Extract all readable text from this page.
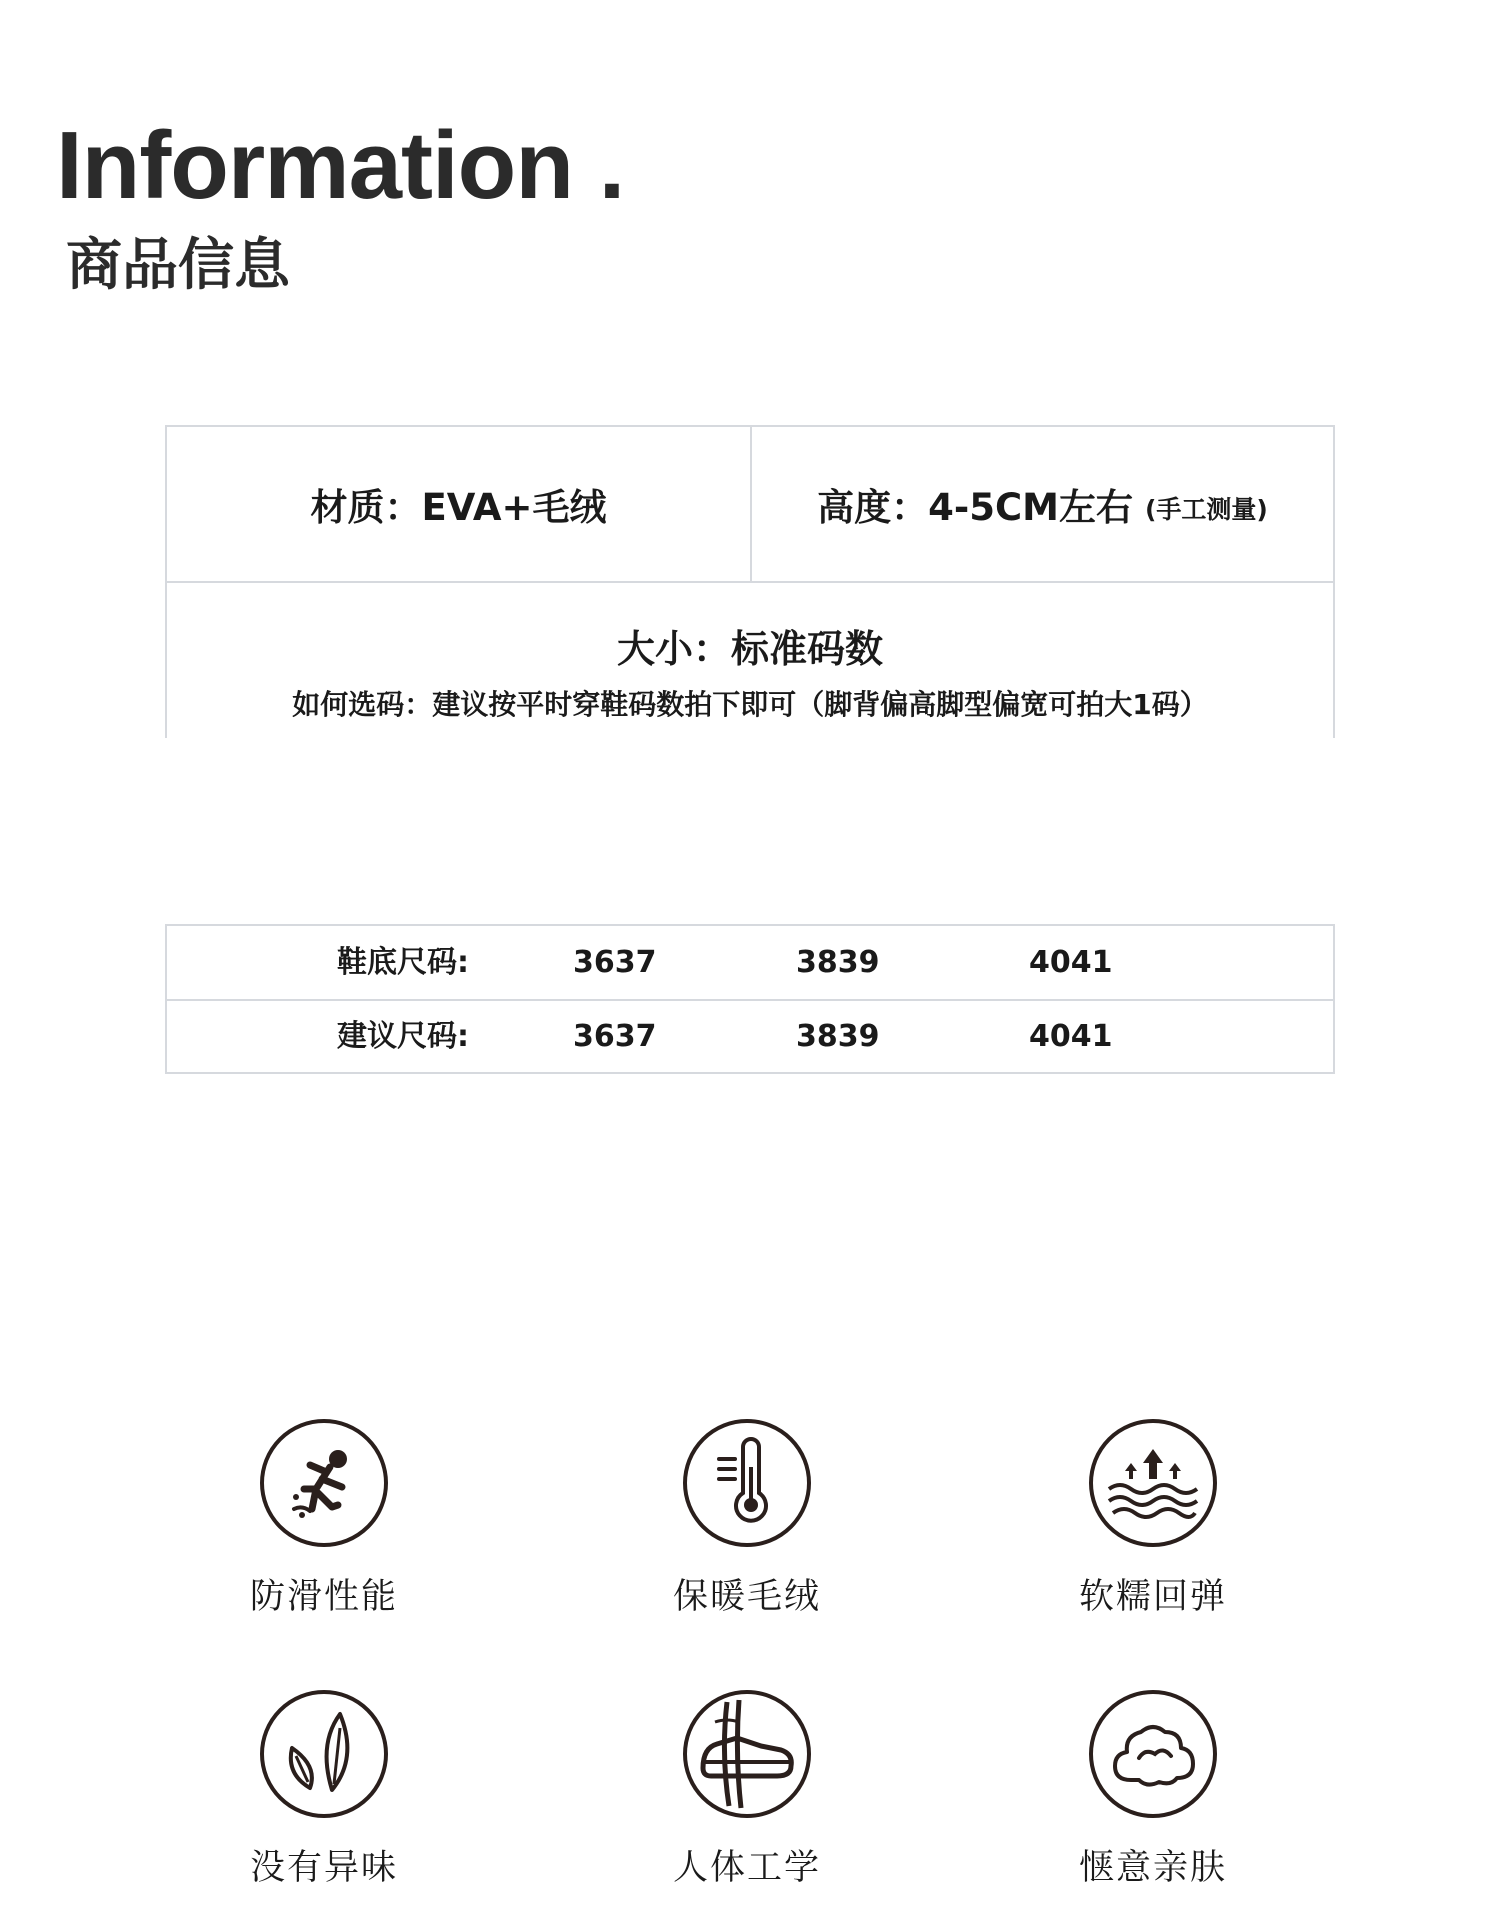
Information .
商品信息
材质：EVA+毛绒	高度：4-5CM左右 (手工测量)
大小：标准码数
如何选码：建议按平时穿鞋码数拍下即可（脚背偏高脚型偏宽可拍大1码）
鞋底尺码:	3637	3839	4041
建议尺码:	3637	3839	4041
防滑性能	保暖毛绒	软糯回弹
没有异味	人体工学	惬意亲肤
